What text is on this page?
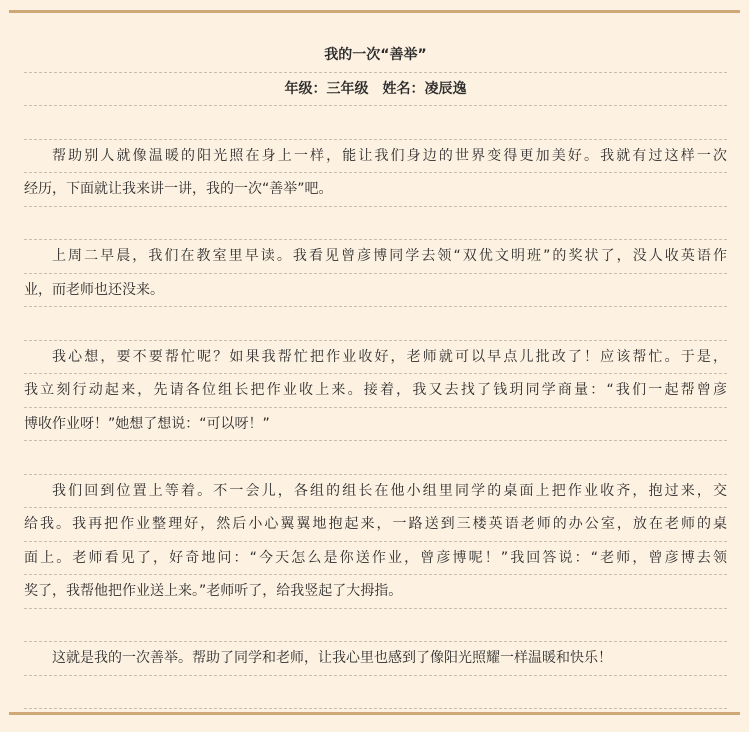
我的一次“善举”
年级：三年级　姓名：凌辰逸
帮助别人就像温暖的阳光照在身上一样，能让我们身边的世界变得更加美好。我就有过这样一次
经历，下面就让我来讲一讲，我的一次“善举”吧。
上周二早晨，我们在教室里早读。我看见曾彦博同学去领“双优文明班”的奖状了，没人收英语作
业，而老师也还没来。
我心想，要不要帮忙呢？如果我帮忙把作业收好，老师就可以早点儿批改了！应该帮忙。于是，
我立刻行动起来，先请各位组长把作业收上来。接着，我又去找了钱玥同学商量：“我们一起帮曾彦
博收作业呀！”她想了想说：“可以呀！”
我们回到位置上等着。不一会儿，各组的组长在他小组里同学的桌面上把作业收齐，抱过来，交
给我。我再把作业整理好，然后小心翼翼地抱起来，一路送到三楼英语老师的办公室，放在老师的桌
面上。老师看见了，好奇地问：“今天怎么是你送作业，曾彦博呢！”我回答说：“老师，曾彦博去领
奖了，我帮他把作业送上来。”老师听了，给我竖起了大拇指。
这就是我的一次善举。帮助了同学和老师，让我心里也感到了像阳光照耀一样温暖和快乐！
